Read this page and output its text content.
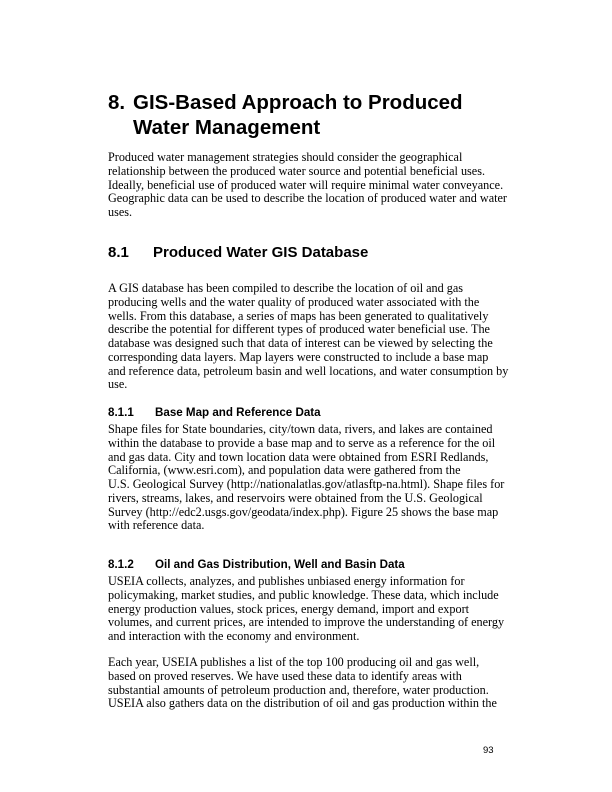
8. GIS-Based Approach to Produced
Water Management
Produced water management strategies should consider the geographical
relationship between the produced water source and potential beneficial uses.
Ideally, beneficial use of produced water will require minimal water conveyance.
Geographic data can be used to describe the location of produced water and water
uses.
8.1 Produced Water GIS Database
A GIS database has been compiled to describe the location of oil and gas
producing wells and the water quality of produced water associated with the
wells. From this database, a series of maps has been generated to qualitatively
describe the potential for different types of produced water beneficial use. The
database was designed such that data of interest can be viewed by selecting the
corresponding data layers. Map layers were constructed to include a base map
and reference data, petroleum basin and well locations, and water consumption by
use.
8.1.1 Base Map and Reference Data
Shape files for State boundaries, city/town data, rivers, and lakes are contained
within the database to provide a base map and to serve as a reference for the oil
and gas data. City and town location data were obtained from ESRI Redlands,
California, (www.esri.com), and population data were gathered from the
U.S. Geological Survey (http://nationalatlas.gov/atlasftp-na.html). Shape files for
rivers, streams, lakes, and reservoirs were obtained from the U.S. Geological
Survey (http://edc2.usgs.gov/geodata/index.php). Figure 25 shows the base map
with reference data.
8.1.2 Oil and Gas Distribution, Well and Basin Data
USEIA collects, analyzes, and publishes unbiased energy information for
policymaking, market studies, and public knowledge. These data, which include
energy production values, stock prices, energy demand, import and export
volumes, and current prices, are intended to improve the understanding of energy
and interaction with the economy and environment.
Each year, USEIA publishes a list of the top 100 producing oil and gas well,
based on proved reserves. We have used these data to identify areas with
substantial amounts of petroleum production and, therefore, water production.
USEIA also gathers data on the distribution of oil and gas production within the
93
